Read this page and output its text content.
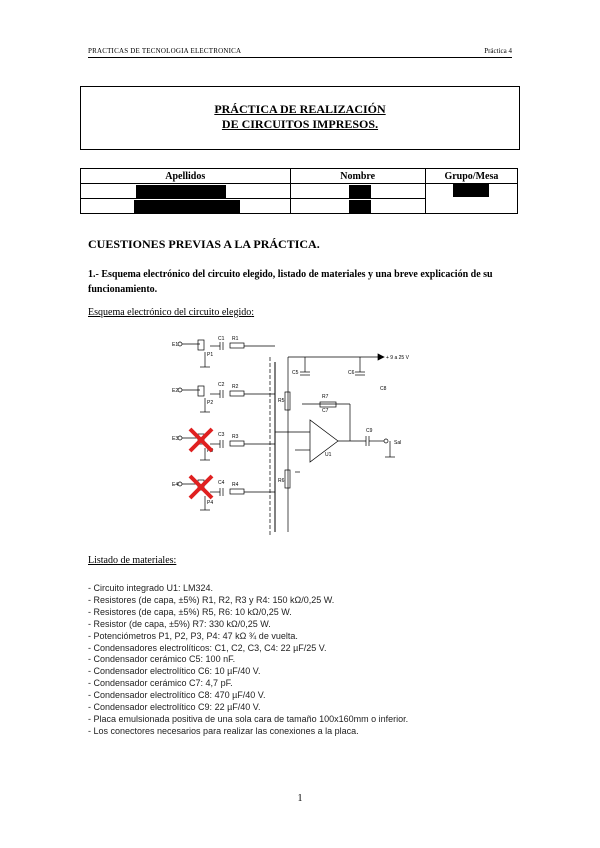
PRACTICAS DE TECNOLOGIA ELECTRONICA	Práctica 4
PRÁCTICA DE REALIZACIÓN
DE CIRCUITOS IMPRESOS.
Apellidos	Nombre	Grupo/Mesa

CUESTIONES PREVIAS A LA PRÁCTICA.
1.- Esquema electrónico del circuito elegido, listado de materiales y una breve explicación de su funcionamiento.
Esquema electrónico del circuito elegido:
+ 9 a 25 V
E1
E2
E3
E4
P1
P2
P3
P4
C1
C2
C3
C4
R1
R2
R3
R4
C5	C6
R5
R6
R7
C7
C8
C9
U1
Sal
Listado de materiales:
- Circuito integrado U1: LM324.
- Resistores (de capa, ±5%) R1, R2, R3 y R4: 150 kΩ/0,25 W.
- Resistores (de capa, ±5%) R5, R6: 10 kΩ/0,25 W.
- Resistor (de capa, ±5%) R7: 330 kΩ/0,25 W.
- Potenciómetros P1, P2, P3, P4: 47 kΩ ¾ de vuelta.
- Condensadores electrolíticos: C1, C2, C3, C4: 22 µF/25 V.
- Condensador cerámico C5: 100 nF.
- Condensador electrolítico C6: 10 µF/40 V.
- Condensador cerámico C7: 4,7 pF.
- Condensador electrolítico C8: 470 µF/40 V.
- Condensador electrolítico C9: 22 µF/40 V.
- Placa emulsionada positiva de una sola cara de tamaño 100x160mm o inferior.
- Los conectores necesarios para realizar las conexiones a la placa.
1
